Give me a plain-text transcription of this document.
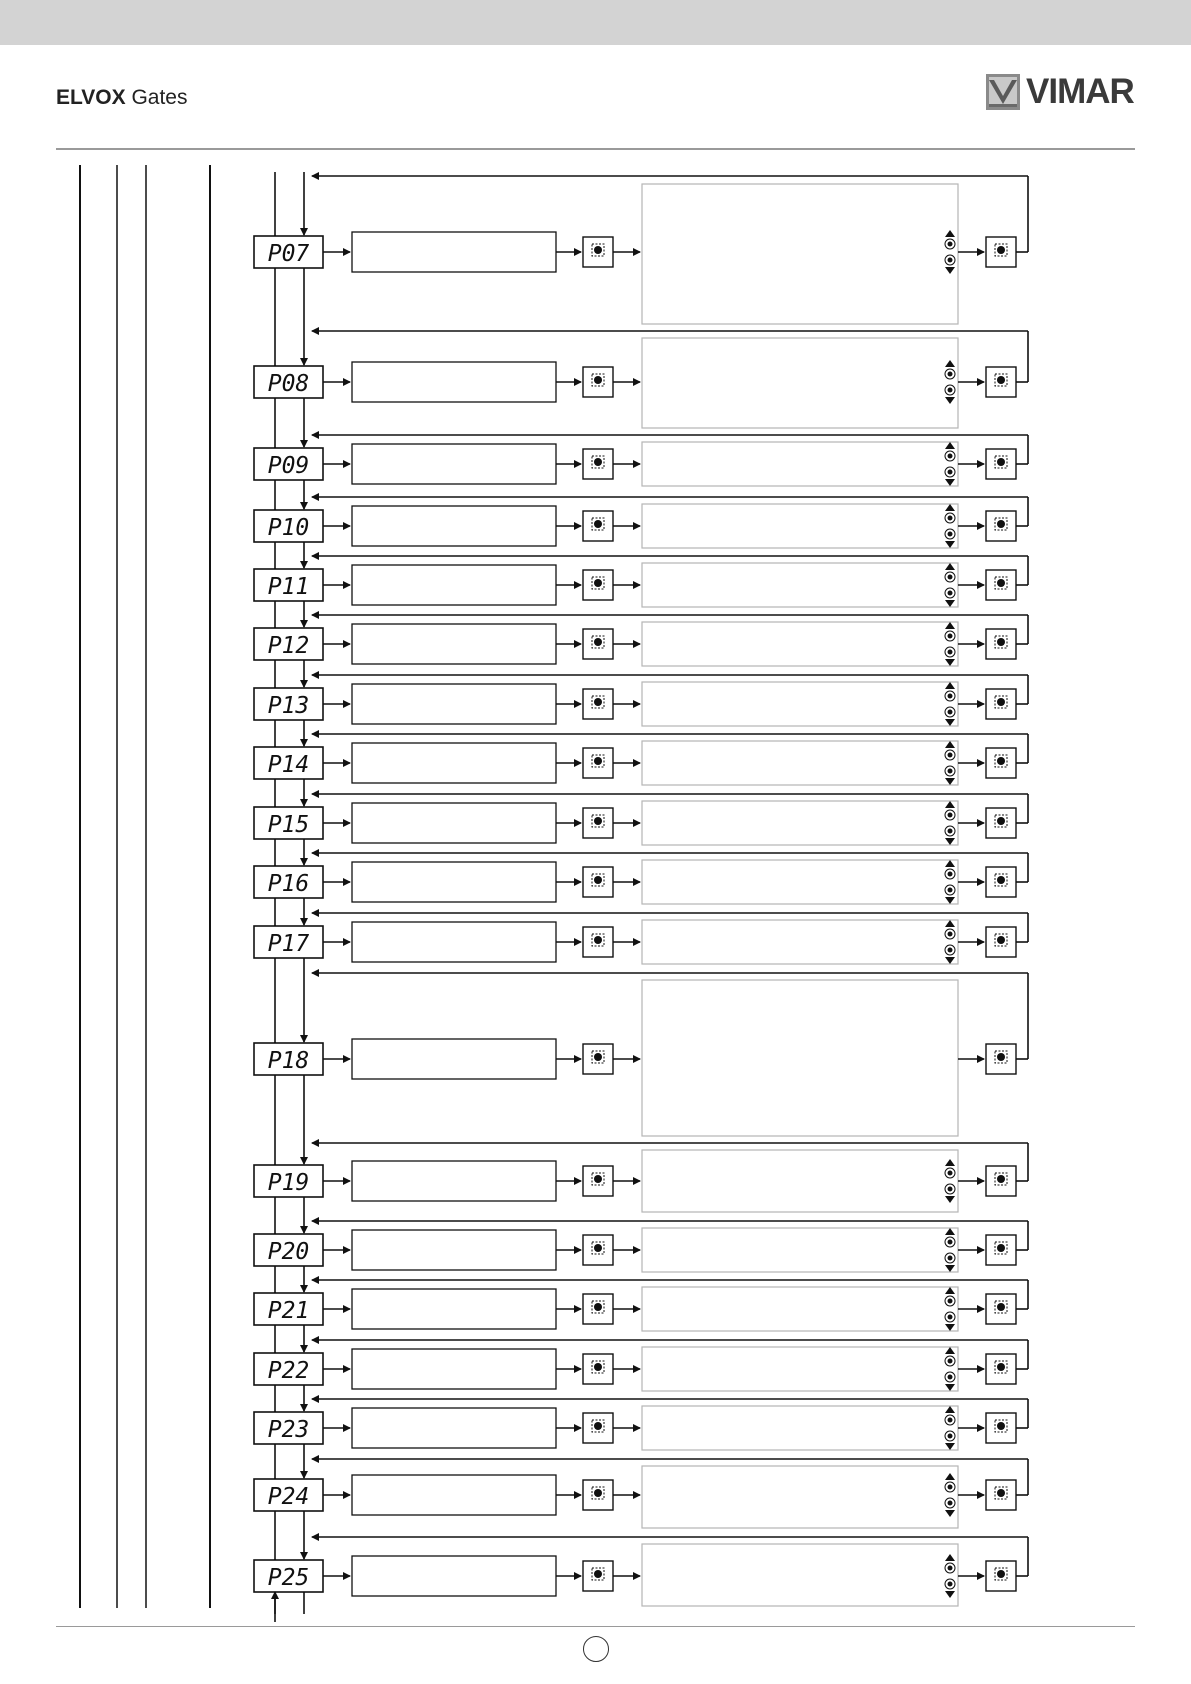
ELVOX Gates	VIMAR
P07
P08
P09
P10
P11
P12
P13
P14
P15
P16
P17
P18
P19
P20
P21
P22
P23
P24
P25
